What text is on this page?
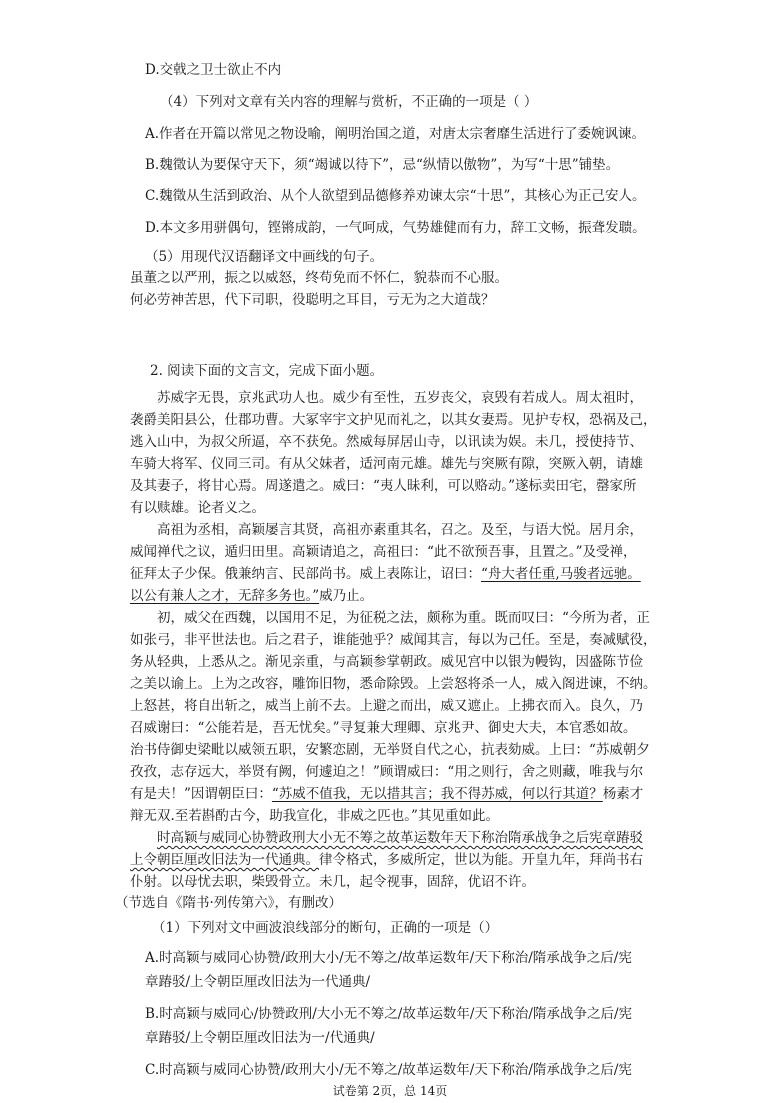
D.交戟之卫士欲止不内
（4）下列对文章有关内容的理解与赏析，不正确的一项是（ ）
A.作者在开篇以常见之物设喻，阐明治国之道，对唐太宗奢靡生活进行了委婉讽谏。
B.魏徵认为要保守天下，须“竭诚以待下”，忌“纵情以傲物”，为写“十思”铺垫。
C.魏徵从生活到政治、从个人欲望到品德修养劝谏太宗“十思”，其核心为正己安人。
D.本文多用骈偶句，铿锵成韵，一气呵成，气势雄健而有力，辞工文畅，振聋发聩。
（5）用现代汉语翻译文中画线的句子。
虽董之以严刑，振之以威怒，终苟免而不怀仁，貌恭而不心服。
何必劳神苦思，代下司职，役聪明之耳目，亏无为之大道哉？
2. 阅读下面的文言文，完成下面小题。
苏威字无畏，京兆武功人也。威少有至性，五岁丧父，哀毁有若成人。周太祖时，
袭爵美阳县公，仕郡功曹。大冢宰宇文护见而礼之，以其女妻焉。见护专权，恐祸及己，
逃入山中，为叔父所逼，卒不获免。然威每屏居山寺，以讯读为娱。未几，授使持节、
车骑大将军、仪同三司。有从父妹者，适河南元雄。雄先与突厥有隙，突厥入朝，请雄
及其妻子，将甘心焉。周遂遣之。威曰：“夷人昧利，可以赂动。”遂标卖田宅，罄家所
有以赎雄。论者义之。
高祖为丞相，高颖屡言其贤，高祖亦素重其名，召之。及至，与语大悦。居月余，
威闻禅代之议，遁归田里。高颖请追之，高祖曰：“此不欲预吾事，且置之。”及受禅，
征拜太子少保。俄兼纳言、民部尚书。威上表陈让，诏曰：“舟大者任重,马骏者远驰。
以公有兼人之才，无辞多务也。”威乃止。
初，威父在西魏，以国用不足，为征税之法，颇称为重。既而叹曰：“今所为者，正
如张弓，非平世法也。后之君子，谁能弛乎？威闻其言，每以为己任。至是，奏减赋役，
务从轻典，上悉从之。渐见亲重，与高颖参掌朝政。威见宫中以银为幔钩，因盛陈节俭
之美以谕上。上为之改容，雕饰旧物，悉命除毁。上尝怒将杀一人，威入阁进谏，不纳。
上怒甚，将自出斩之，威当上前不去。上避之而出，威又遮止。上拂衣而入。良久，乃
召威谢曰：“公能若是，吾无忧矣。”寻复兼大理卿、京兆尹、御史大夫，本官悉如故。
治书侍御史梁毗以威领五职，安繁恋剧，无举贤自代之心，抗表劾威。上曰：“苏威朝夕
孜孜，志存远大，举贤有阙，何遽迫之！”顾谓威曰：“用之则行，舍之则藏，唯我与尔
有是夫！”因谓朝臣曰：“苏威不值我，无以措其言；我不得苏威，何以行其道？杨素才
辩无双.至若斟酌古今，助我宣化，非威之匹也。”其见重如此。
时高颖与威同心协赞政刑大小无不筹之故革运数年天下称治隋承战争之后宪章踳驳
上令朝臣厘改旧法为一代通典。律令格式，多威所定，世以为能。开皇九年，拜尚书右
仆射。以母忧去职，柴毁骨立。未几，起令视事，固辞，优诏不许。
（节选自《隋书·列传第六》，有删改）
（1）下列对文中画波浪线部分的断句，正确的一项是（）
A.时高颖与威同心协赞/政刑大小/无不筹之/故革运数年/天下称治/隋承战争之后/宪
章踳驳/上令朝臣厘改旧法为一代通典/
B.时高颖与威同心/协赞政刑/大小无不筹之/故革运数年/天下称治/隋承战争之后/宪
章踳驳/上令朝臣厘改旧法为一/代通典/
C.时高颖与威同心协赞/政刑大小/无不筹之/故革运数年/天下称治/隋承战争之后/宪
试卷第 2页，总 14页
